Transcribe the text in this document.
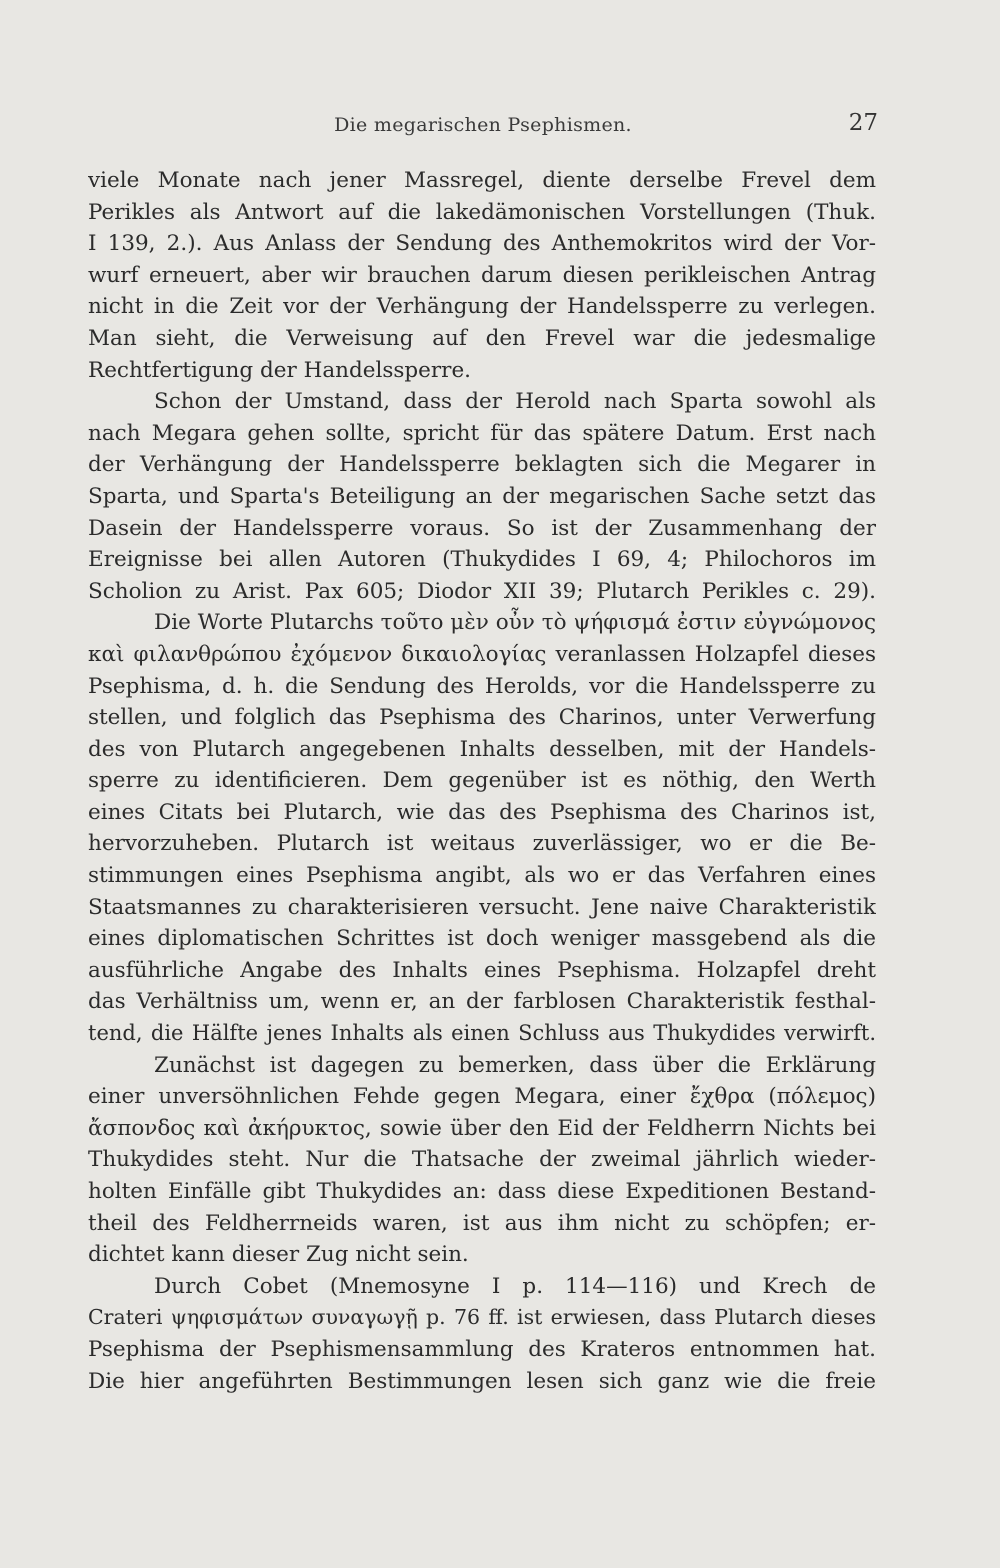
Die megarischen Psephismen.	27
viele Monate nach jener Massregel, diente derselbe Frevel dem
Perikles als Antwort auf die lakedämonischen Vorstellungen (Thuk.
I 139, 2.). Aus Anlass der Sendung des Anthemokritos wird der Vor-
wurf erneuert, aber wir brauchen darum diesen perikleischen Antrag
nicht in die Zeit vor der Verhängung der Handelssperre zu verlegen.
Man sieht, die Verweisung auf den Frevel war die jedesmalige
Rechtfertigung der Handelssperre.
Schon der Umstand, dass der Herold nach Sparta sowohl als
nach Megara gehen sollte, spricht für das spätere Datum. Erst nach
der Verhängung der Handelssperre beklagten sich die Megarer in
Sparta, und Sparta's Beteiligung an der megarischen Sache setzt das
Dasein der Handelssperre voraus. So ist der Zusammenhang der
Ereignisse bei allen Autoren (Thukydides I 69, 4; Philochoros im
Scholion zu Arist. Pax 605; Diodor XII 39; Plutarch Perikles c. 29).
Die Worte Plutarchs τοῦτο μὲν οὖν τὸ ψήφισμά ἐστιν εὐγνώμονος
καὶ φιλανθρώπου ἐχόμενον δικαιολογίας veranlassen Holzapfel dieses
Psephisma, d. h. die Sendung des Herolds, vor die Handelssperre zu
stellen, und folglich das Psephisma des Charinos, unter Verwerfung
des von Plutarch angegebenen Inhalts desselben, mit der Handels-
sperre zu identificieren. Dem gegenüber ist es nöthig, den Werth
eines Citats bei Plutarch, wie das des Psephisma des Charinos ist,
hervorzuheben. Plutarch ist weitaus zuverlässiger, wo er die Be-
stimmungen eines Psephisma angibt, als wo er das Verfahren eines
Staatsmannes zu charakterisieren versucht. Jene naive Charakteristik
eines diplomatischen Schrittes ist doch weniger massgebend als die
ausführliche Angabe des Inhalts eines Psephisma. Holzapfel dreht
das Verhältniss um, wenn er, an der farblosen Charakteristik festhal-
tend, die Hälfte jenes Inhalts als einen Schluss aus Thukydides verwirft.
Zunächst ist dagegen zu bemerken, dass über die Erklärung
einer unversöhnlichen Fehde gegen Megara, einer ἔχθρα (πόλεμος)
ἄσπονδος καὶ ἀκήρυκτος, sowie über den Eid der Feldherrn Nichts bei
Thukydides steht. Nur die Thatsache der zweimal jährlich wieder-
holten Einfälle gibt Thukydides an: dass diese Expeditionen Bestand-
theil des Feldherrneids waren, ist aus ihm nicht zu schöpfen; er-
dichtet kann dieser Zug nicht sein.
Durch Cobet (Mnemosyne I p. 114—116) und Krech de
Crateri ψηφισμάτων συναγωγῇ p. 76 ff. ist erwiesen, dass Plutarch dieses
Psephisma der Psephismensammlung des Krateros entnommen hat.
Die hier angeführten Bestimmungen lesen sich ganz wie die freie
